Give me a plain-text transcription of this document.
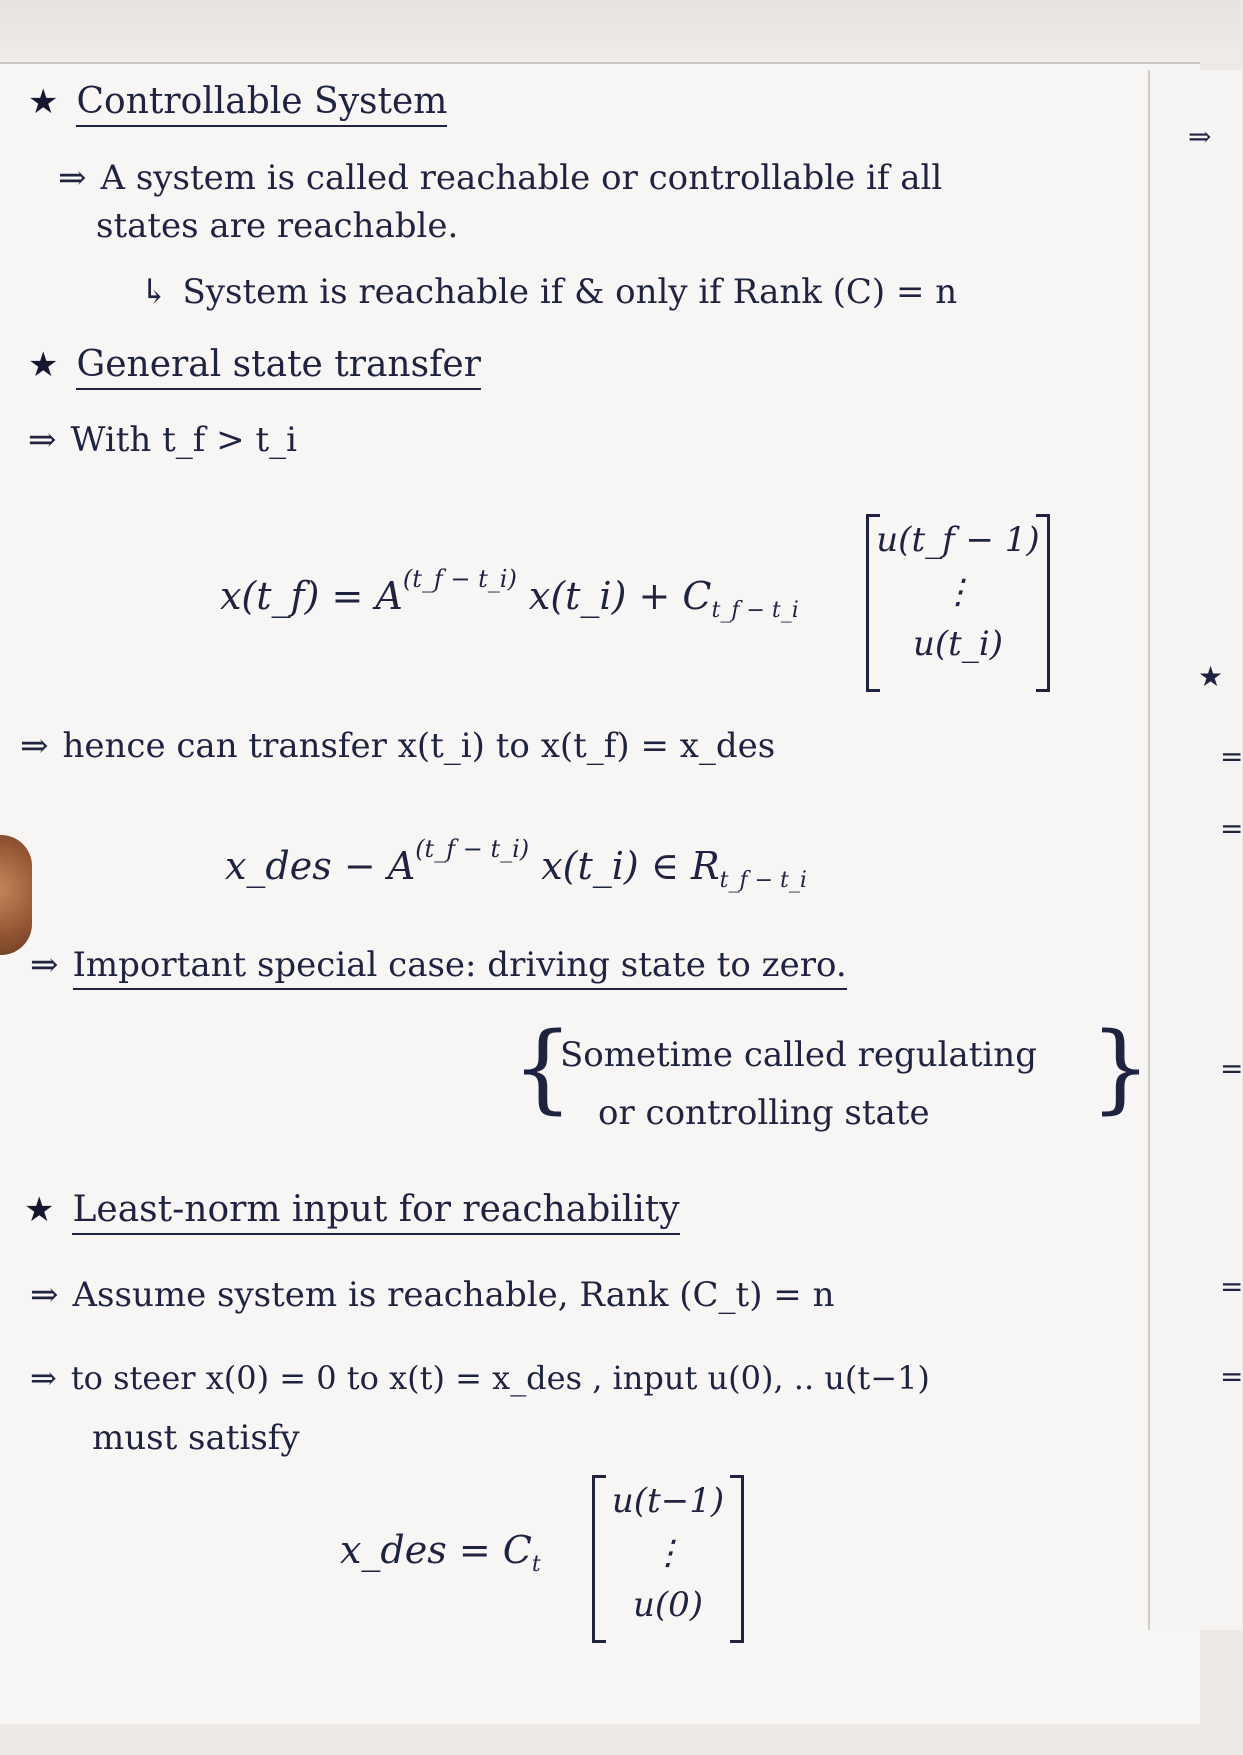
★ Controllable System
⇒ A system is called reachable or controllable if all
states are reachable.
↳ System is reachable if & only if Rank (C) = n
★ General state transfer
⇒ With t_f > t_i
x(t_f) = $A^{(t\_f - t\_i)}$ x(t_i) + $C_{t\_f - t\_i}$
u(t_f − 1)
⋮
u(t_i)
⇒ hence can transfer x(t_i) to x(t_f) = x_des
x_des − $A^{(t\_f - t\_i)}$ x(t_i) ∈ $R_{t\_f - t\_i}$
⇒ Important special case: driving state to zero.
{
Sometime called regulating
or controlling state }
★ Least-norm input for reachability
⇒ Assume system is reachable, Rank (C_t) = n
⇒ to steer x(0) = 0 to x(t) = x_des , input u(0), .. u(t−1)
must satisfy
x_des = $C_t$
u(t−1)
⋮
u(0)
⇒
★
=
=
=
=
=
